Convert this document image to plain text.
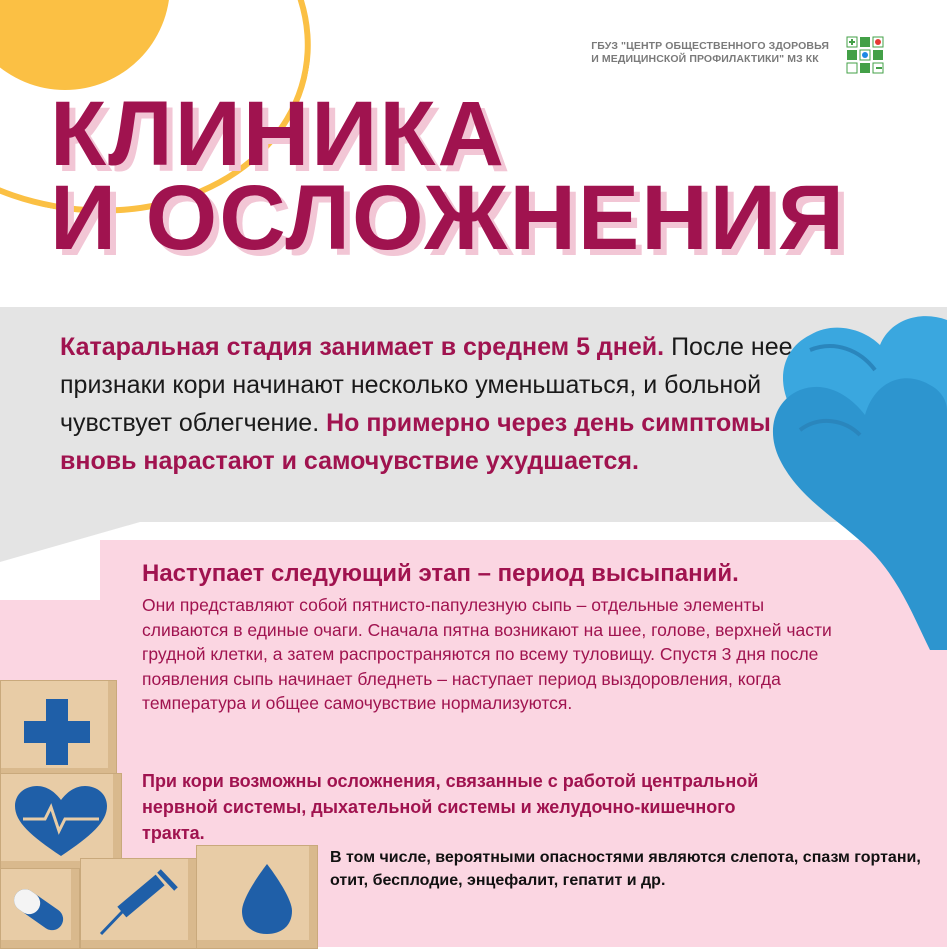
ГБУЗ "ЦЕНТР ОБЩЕСТВЕННОГО ЗДОРОВЬЯ
И МЕДИЦИНСКОЙ ПРОФИЛАКТИКИ" МЗ КК
КЛИНИКА
И ОСЛОЖНЕНИЯ
Катаральная стадия занимает в среднем 5 дней. После нее признаки кори начинают несколько уменьшаться, и больной чувствует облегчение. Но примерно через день симптомы вновь нарастают и самочувствие ухудшается.
Наступает следующий этап – период высыпаний.
Они представляют собой пятнисто-папулезную сыпь – отдельные элементы сливаются в единые очаги. Сначала пятна возникают на шее, голове, верхней части грудной клетки, а затем распространяются по всему туловищу. Спустя 3 дня после появления сыпь начинает бледнеть – наступает период выздоровления, когда температура и общее самочувствие нормализуются.
При кори возможны осложнения, связанные с работой центральной нервной системы, дыхательной системы и желудочно-кишечного тракта.
В том числе, вероятными опасностями являются слепота, спазм гортани, отит, бесплодие, энцефалит, гепатит и др.
